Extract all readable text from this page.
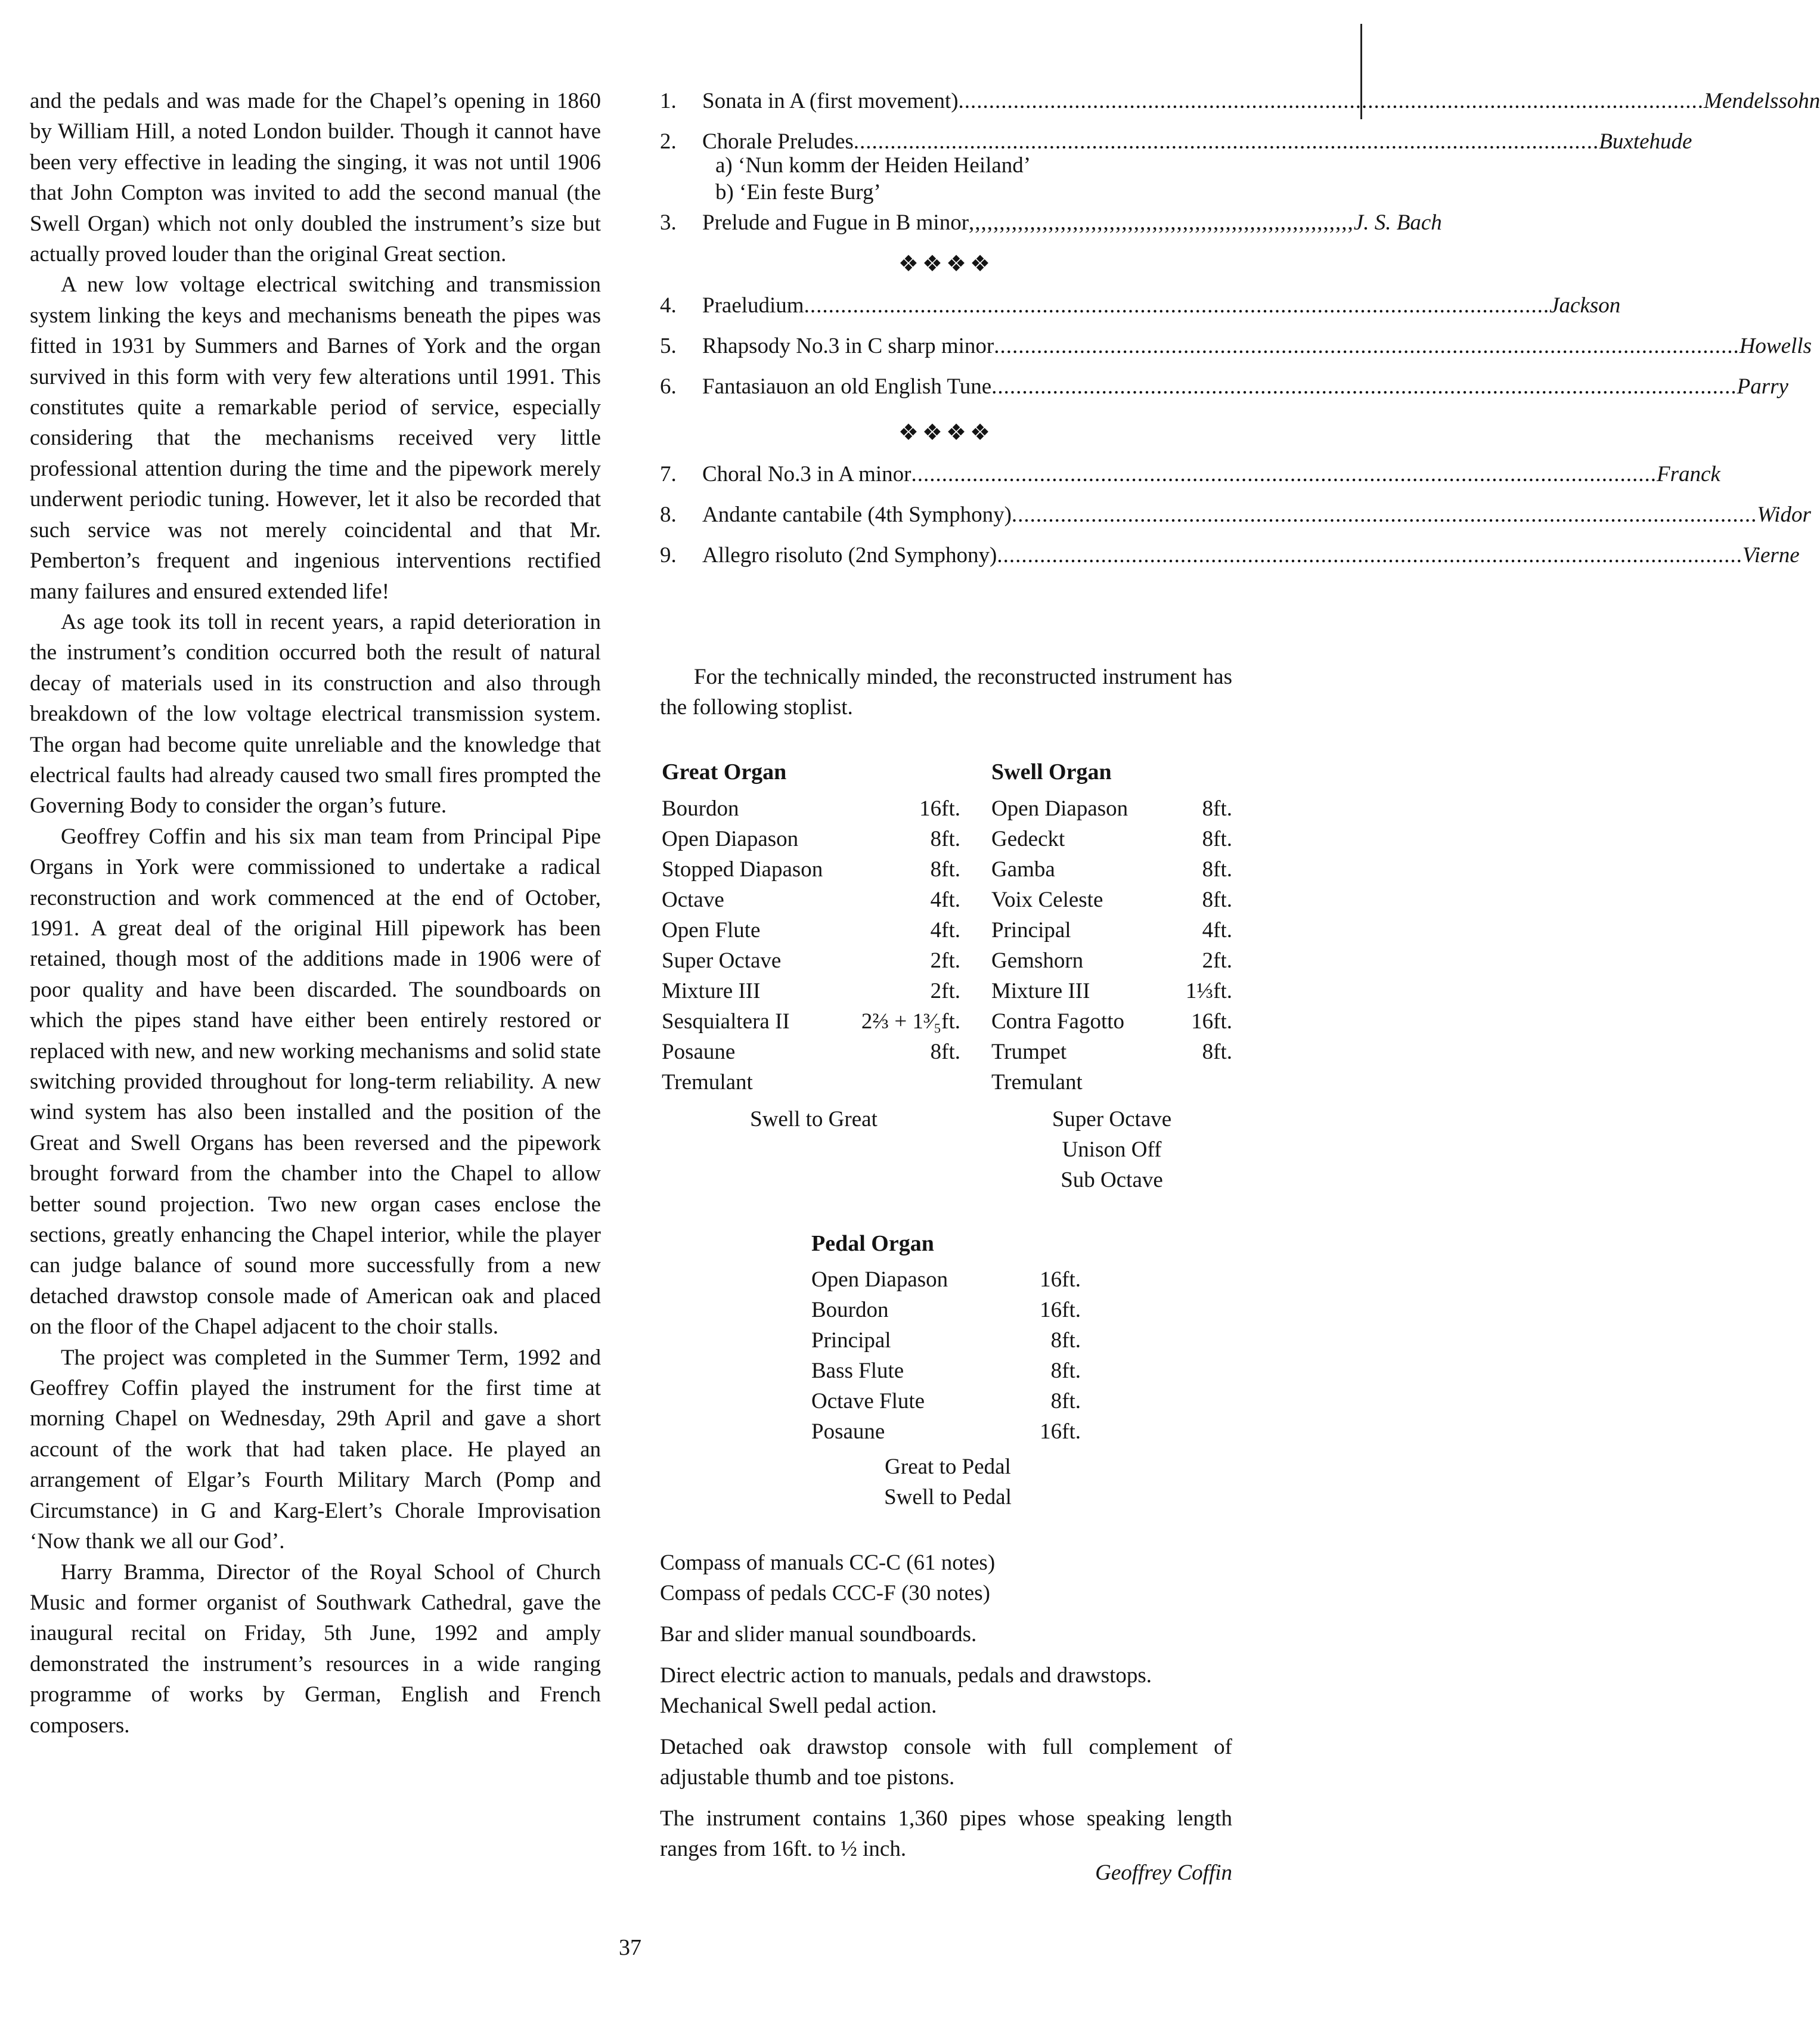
and the pedals and was made for the Chapel’s opening in 1860 by William Hill, a noted London builder. Though it cannot have been very effective in leading the singing, it was not until 1906 that John Compton was invited to add the second manual (the Swell Organ) which not only doubled the instrument’s size but actually proved louder than the original Great section.

A new low voltage electrical switching and transmission system linking the keys and mechanisms beneath the pipes was fitted in 1931 by Summers and Barnes of York and the organ survived in this form with very few alterations until 1991. This constitutes quite a remarkable period of service, especially considering that the mechanisms received very little professional attention during the time and the pipework merely underwent periodic tuning. However, let it also be recorded that such service was not merely coincidental and that Mr. Pemberton’s frequent and ingenious interventions rectified many failures and ensured extended life!

As age took its toll in recent years, a rapid deterioration in the instrument’s condition occurred both the result of natural decay of materials used in its construction and also through breakdown of the low voltage electrical transmission system. The organ had become quite unreliable and the knowledge that electrical faults had already caused two small fires prompted the Governing Body to consider the organ’s future.

Geoffrey Coffin and his six man team from Principal Pipe Organs in York were commissioned to undertake a radical reconstruction and work commenced at the end of October, 1991. A great deal of the original Hill pipework has been retained, though most of the additions made in 1906 were of poor quality and have been discarded. The soundboards on which the pipes stand have either been entirely restored or replaced with new, and new working mechanisms and solid state switching provided throughout for long-term reliability. A new wind system has also been installed and the position of the Great and Swell Organs has been reversed and the pipework brought forward from the chamber into the Chapel to allow better sound projection. Two new organ cases enclose the sections, greatly enhancing the Chapel interior, while the player can judge balance of sound more successfully from a new detached drawstop console made of American oak and placed on the floor of the Chapel adjacent to the choir stalls.

The project was completed in the Summer Term, 1992 and Geoffrey Coffin played the instrument for the first time at morning Chapel on Wednesday, 29th April and gave a short account of the work that had taken place. He played an arrangement of Elgar’s Fourth Military March (Pomp and Circumstance) in G and Karg-Elert’s Chorale Improvisation ‘Now thank we all our God’.

Harry Bramma, Director of the Royal School of Church Music and former organist of Southwark Cathedral, gave the inaugural recital on Friday, 5th June, 1992 and amply demonstrated the instrument’s resources in a wide ranging programme of works by German, English and French composers.

1. Sonata in A (first movement) .......................................................................................................................... Mendelssohn
2. Chorale Preludes .......................................................................................................................... Buxtehude
a) ‘Nun komm der Heiden Heiland’
b) ‘Ein feste Burg’
3. Prelude and Fugue in B minor ,,,,,,,,,,,,,,,,,,,,,,,,,,,,,,,,,,,,,,,,,,,,,,,,,,,,,,,,,,,,,,, J. S. Bach
❖❖❖❖
4. Praeludium .......................................................................................................................... Jackson
5. Rhapsody No.3 in C sharp minor .......................................................................................................................... Howells
6. Fantasiauon an old English Tune .......................................................................................................................... Parry
❖❖❖❖
7. Choral No.3 in A minor .......................................................................................................................... Franck
8. Andante cantabile (4th Symphony) .......................................................................................................................... Widor
9. Allegro risoluto (2nd Symphony) .......................................................................................................................... Vierne
For the technically minded, the reconstructed instrument has the following stoplist.
Great Organ
Bourdon	16ft.
Open Diapason	8ft.
Stopped Diapason	8ft.
Octave	4ft.
Open Flute	4ft.
Super Octave	2ft.
Mixture III	2ft.
Sesquialtera II	2⅔ + 1³⁄₅ft.
Posaune	8ft.
Tremulant
Swell to Great
Swell Organ
Open Diapason	8ft.
Gedeckt	8ft.
Gamba	8ft.
Voix Celeste	8ft.
Principal	4ft.
Gemshorn	2ft.
Mixture III	1⅓ft.
Contra Fagotto	16ft.
Trumpet	8ft.
Tremulant
Super Octave
Unison Off
Sub Octave
Pedal Organ
Open Diapason	16ft.
Bourdon	16ft.
Principal	8ft.
Bass Flute	8ft.
Octave Flute	8ft.
Posaune	16ft.
Great to Pedal
Swell to Pedal

Compass of manuals CC-C (61 notes)
Compass of pedals CCC-F (30 notes)

Bar and slider manual soundboards.

Direct electric action to manuals, pedals and drawstops.
Mechanical Swell pedal action.

Detached oak drawstop console with full complement of adjustable thumb and toe pistons.

The instrument contains 1,360 pipes whose speaking length ranges from 16ft. to ½ inch.

Geoffrey Coffin
37
